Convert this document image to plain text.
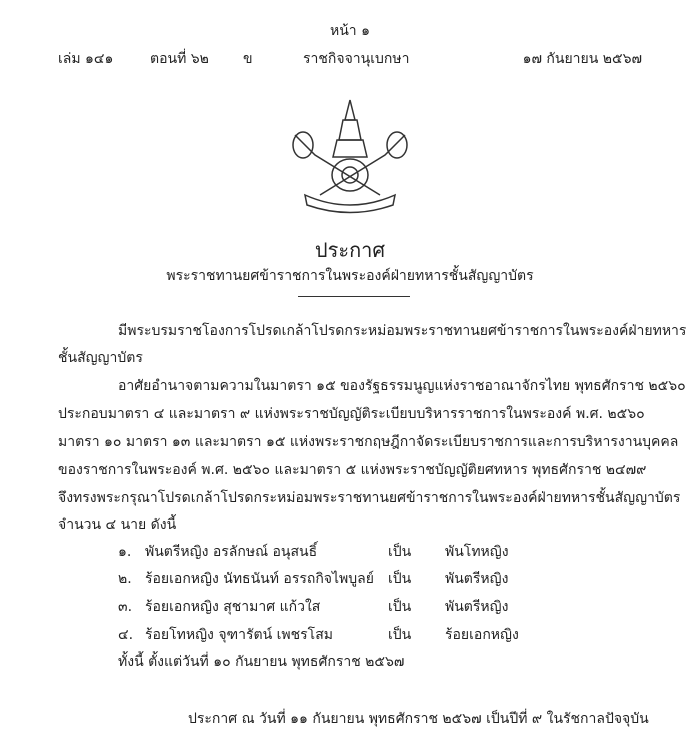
หน้า ๑
เล่ม ๑๔๑	ตอนที่ ๖๒ ข	ราชกิจจานุเบกษา	๑๗ กันยายน ๒๕๖๗
ประกาศ
พระราชทานยศข้าราชการในพระองค์ฝ่ายทหารชั้นสัญญาบัตร
มีพระบรมราชโองการโปรดเกล้าโปรดกระหม่อมพระราชทานยศข้าราชการในพระองค์ฝ่ายทหาร
ชั้นสัญญาบัตร
อาศัยอำนาจตามความในมาตรา ๑๕ ของรัฐธรรมนูญแห่งราชอาณาจักรไทย พุทธศักราช ๒๕๖๐
ประกอบมาตรา ๔ และมาตรา ๙ แห่งพระราชบัญญัติระเบียบบริหารราชการในพระองค์ พ.ศ. ๒๕๖๐
มาตรา ๑๐ มาตรา ๑๓ และมาตรา ๑๕ แห่งพระราชกฤษฎีกาจัดระเบียบราชการและการบริหารงานบุคคล
ของราชการในพระองค์ พ.ศ. ๒๕๖๐ และมาตรา ๕ แห่งพระราชบัญญัติยศทหาร พุทธศักราช ๒๔๗๙
จึงทรงพระกรุณาโปรดเกล้าโปรดกระหม่อมพระราชทานยศข้าราชการในพระองค์ฝ่ายทหารชั้นสัญญาบัตร
จำนวน ๔ นาย ดังนี้
๑. พันตรีหญิง อรลักษณ์ อนุสนธิ์	เป็น พันโทหญิง
๒. ร้อยเอกหญิง นัทธนันท์ อรรถกิจไพบูลย์ เป็น พันตรีหญิง
๓. ร้อยเอกหญิง สุชามาศ แก้วใส	เป็น พันตรีหญิง
๔. ร้อยโทหญิง จุฑารัตน์ เพชรโสม	เป็น ร้อยเอกหญิง
ทั้งนี้ ตั้งแต่วันที่ ๑๐ กันยายน พุทธศักราช ๒๕๖๗
ประกาศ ณ วันที่ ๑๑ กันยายน พุทธศักราช ๒๕๖๗ เป็นปีที่ ๙ ในรัชกาลปัจจุบัน
